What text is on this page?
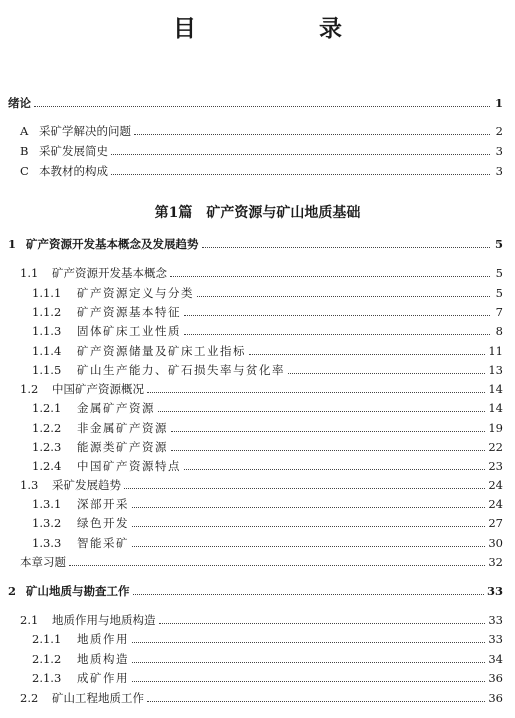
目　录
绪论	1
A 采矿学解决的问题	2
B 采矿发展简史	3
C 本教材的构成	3
第1篇　矿产资源与矿山地质基础
1 矿产资源开发基本概念及发展趋势	5
1.1	矿产资源开发基本概念	5
1.1.1	矿产资源定义与分类	5
1.1.2	矿产资源基本特征	7
1.1.3	固体矿床工业性质	8
1.1.4	矿产资源储量及矿床工业指标	11
1.1.5	矿山生产能力、矿石损失率与贫化率	13
1.2	中国矿产资源概况	14
1.2.1	金属矿产资源	14
1.2.2	非金属矿产资源	19
1.2.3	能源类矿产资源	22
1.2.4	中国矿产资源特点	23
1.3	采矿发展趋势	24
1.3.1	深部开采	24
1.3.2	绿色开发	27
1.3.3	智能采矿	30
本章习题	32
2 矿山地质与勘查工作	33
2.1	地质作用与地质构造	33
2.1.1	地质作用	33
2.1.2	地质构造	34
2.1.3	成矿作用	36
2.2	矿山工程地质工作	36
